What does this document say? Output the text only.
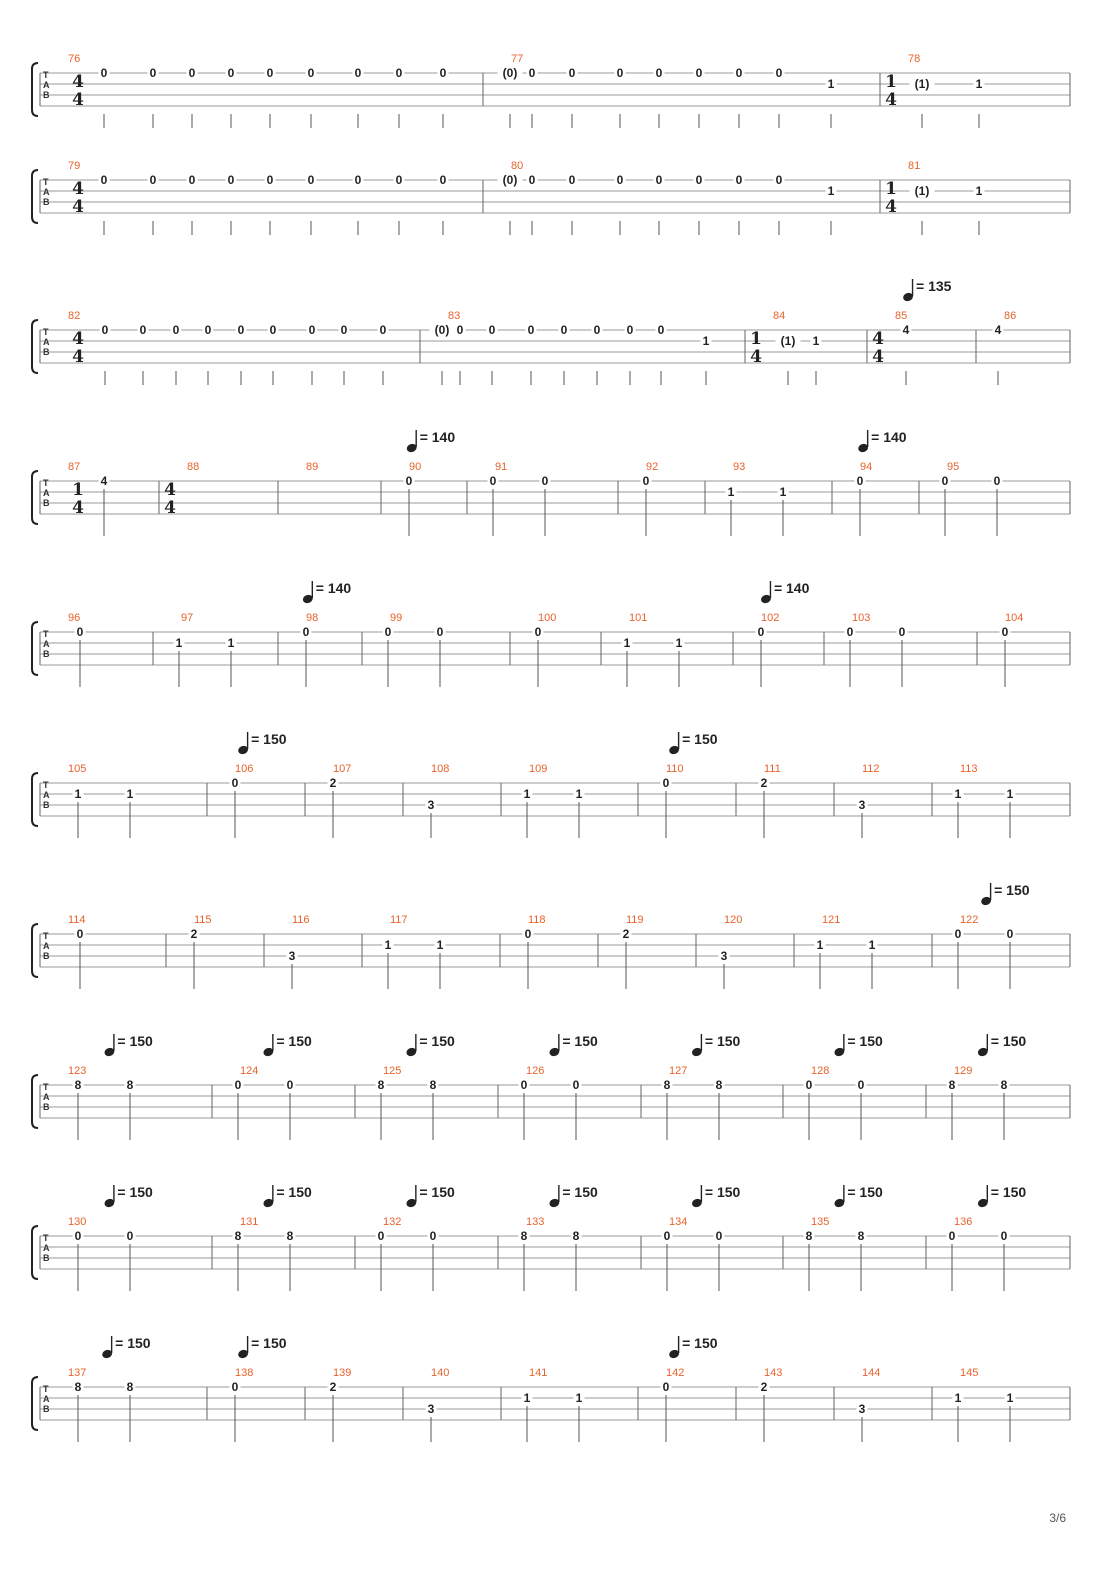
T
A
B
76
4
4
0	0	0	0	0	0	0	0	0
77
(0) 0	0	0	0	0	0	0
1
78
1
4
(1)	1
T
A
B
79
4
4
0	0	0	0	0	0	0	0	0
80
(0) 0	0	0	0	0	0	0
1
81
1
4
(1)	1
T
A
B
82
4
4
0	0 0 0 0 0	0 0	0
83
(0) 0 0	0 0 0 0 0
1
84
1
4
(1) 1
85
= 135
4
4
4
86
4
T
A
B
87
1
4
4
88
4
4
89	90
= 140
0
91
0	0
92
0
93
1	1
94
= 140
0
95
0	0
T
A
B
96
0
97
1	1
98
= 140
0
99
0	0
100
0
101
1	1
102
= 140
0
103
0	0
104
0
T
A
B
105
1	1
106
= 150
0
107
2
108
3
109
1	1
110
= 150
0
111
2
112
3
113
1	1
T
A
B
114
0
115
2
116
3
117
1	1
118
0
119
2
120
3
121
1	1
122
= 150
0	0
T
A
B
123
= 150
8	8
124
= 150
0	0
125
= 150
8	8
126
= 150
0	0
127
= 150
8	8
128
= 150
0	0
129
= 150
8	8
T
A
B
130
= 150
0	0
131
= 150
8	8
132
= 150
0	0
133
= 150
8	8
134
= 150
0	0
135
= 150
8	8
136
= 150
0	0
T
A
B
137
= 150
8	8
138
= 150
0
139
2
140
3
141
1	1
142
= 150
0
143
2
144
3
145
1	1
3/6
